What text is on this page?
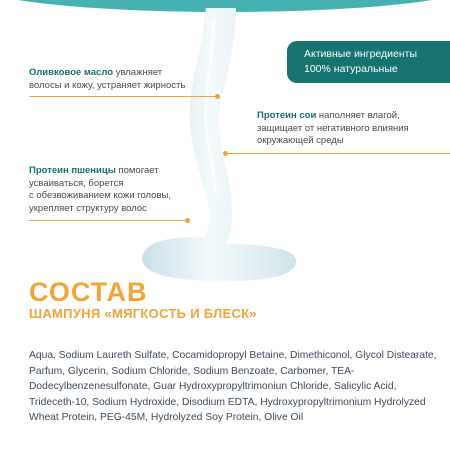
Активные ингредиенты
100% натуральные
Оливковое масло увлажняет
волосы и кожу, устраняет жирность
Протеин сои наполняет влагой,
защищает от негативного влияния
окружающей среды
Протеин пшеницы помогает
усваиваться, борется
с обезвоживанием кожи головы,
укрепляет структуру волос
СОСТАВ
ШАМПУНЯ «МЯГКОСТЬ И БЛЕСК»
Aqua, Sodium Laureth Sulfate, Cocamidopropyl Betaine, Dimethiconol, Glycol Distearate, Parfum, Glycerin, Sodium Chloride, Sodium Benzoate, Carbomer, TEA-Dodecylbenzenesulfonate, Guar Hydroxypropyltrimoniun Chloride, Salicylic Acid, Trideceth-10, Sodium Hydroxide, Disodium EDTA, Hydroxypropyltrimonium Hydrolyzed Wheat Protein, PEG-45M, Hydrolyzed Soy Protein, Olive Oil
